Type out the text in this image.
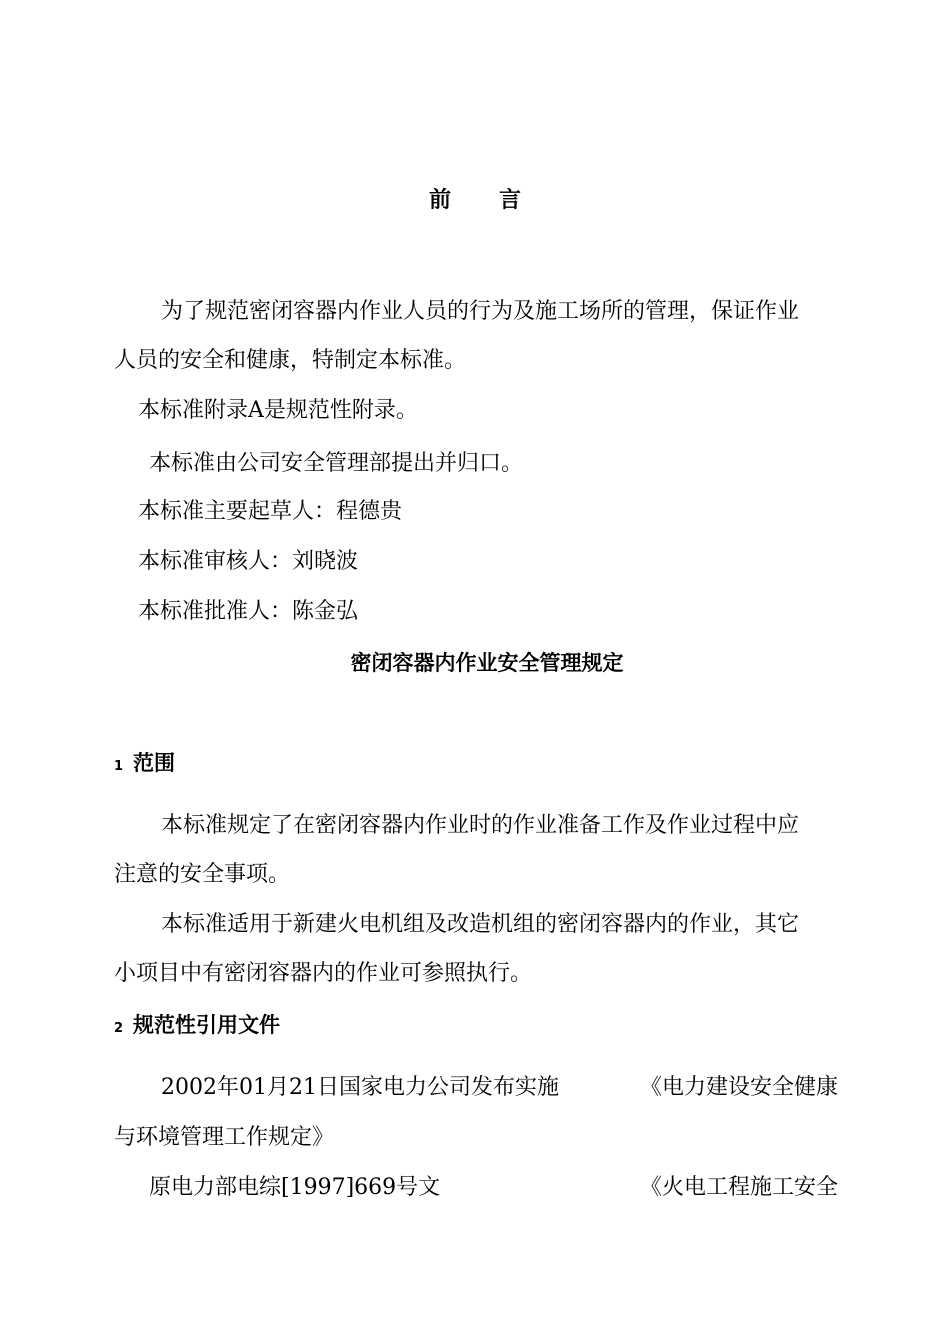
前 言
为了规范密闭容器内作业人员的行为及施工场所的管理，保证作业
人员的安全和健康，特制定本标准。
本标准附录A是规范性附录。
本标准由公司安全管理部提出并归口。
本标准主要起草人：程德贵
本标准审核人：刘晓波
本标准批准人：陈金弘
密闭容器内作业安全管理规定
1 范围
本标准规定了在密闭容器内作业时的作业准备工作及作业过程中应
注意的安全事项。
本标准适用于新建火电机组及改造机组的密闭容器内的作业，其它
小项目中有密闭容器内的作业可参照执行。
2 规范性引用文件
2002年01月21日国家电力公司发布实施	《电力建设安全健康
与环境管理工作规定》
原电力部电综[1997]669号文	《火电工程施工安全
